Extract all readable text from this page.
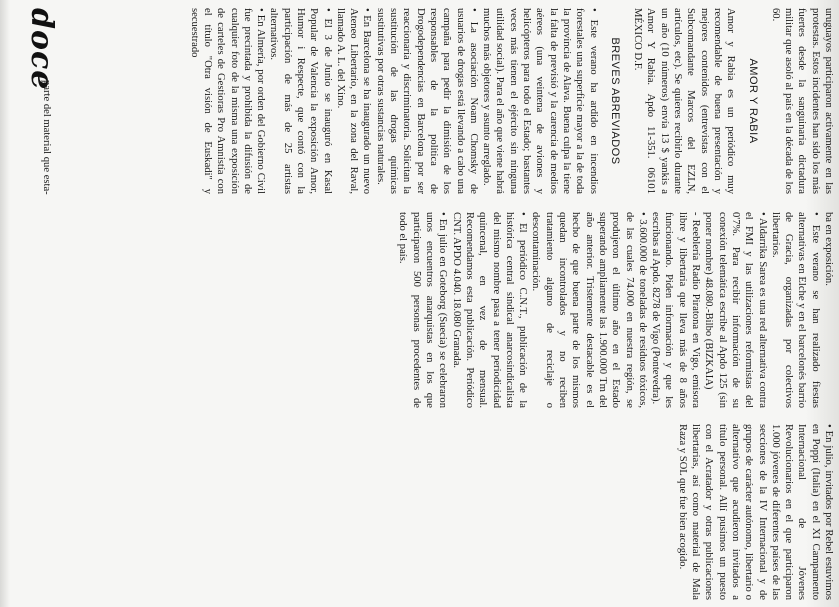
uruguayos participaron activamente en las protestas. Estos incidentes han sido los más fuertes desde la sanguinaria dictadura militar que asoló al país en la década de los 60.

AMOR Y RABIA

Amor y Rabia es un periódico muy recomendable de buena presentación y mejores contenidos (entrevistas con el Subcomandante Marcos del EZLN, artículos, etc). Se quieres recibirlo durante un año (10 números) envía 13 $ yankis a Amor Y Rabia. Apdo 11-351. 06101 MÉXICO D.F.

BREVES ABREVIADOS

• Este verano ha ardido en incendios forestales una superficie mayor a la de toda la provincia de Alava. Buena culpa la tiene la falta de previsió y la carencia de medios aéreos (una veintena de aviones y helicópteros para todo el Estado; bastantes veces más tienen el ejército sin ninguna utilidad social). Para el año que viene habrá muchos más objetores y asunto arreglado.

• La asociación Noam Chomsky de usuarios de drogas está llevando a cabo una campaña para pedir la dimisión de los responsables de la política de Drogodependencias en Barcelona por ser reaccionaria y discriminatoria. Solicitan la sustitución de las drogas químicas sustitutivas por otras sustancias naturales.

• En Barcelona se ha inaugurado un nuevo Ateneo Libertario, en la zona del Raval, llamado A. L. del Xino.

• El 3 de Junio se inauguró en Kasal Popular de Valencia la exposición Amor, Humor i Respecte, que contó con la participación de más de 25 artistas alternativos.

• En Almería, por orden del Gobierno Civil fue precintada y prohibida la difusión de cualquier foto de la misma una exposición de carteles de Gestioras Pro Amnistía con el título "Otra visión de Euskadi" y secuestrado

ba en exposición.

• Este verano se han realizado fiestas alternativas en Elche y en el barcelonés barrio de Gracia, organizadas por colectivos libertarios.

• Aldarrika Sarea es una red alternativa contra el FMI y las utilizaciones reformistas del 0'7%. Para recibir información de su conexión telemática escribe al Apdo 125 (sin poner nombre) 48.080.-Bilbo (BIZKAIA)

- Reeblería Radio Piratona en Vigo, emisora libre y libertaria que lleva más de 8 años funcionando. Piden información y que les escribas al Apdo. 8278 de Vigo (Pontevedra).

• 3.600.000 de toneladas de residuos tóxicos, de las cuales 74.000 en nuestra región, se produjeron el último año en el Estado superando ampliamente las 1.900.000 Tm del año anterior. Tristemente destacable es el hecho de que buena parte de los mismos quedan incontrolados y no reciben tratamiento alguno de reciclaje o descontaminación.

• El periódico C.N.T., publicación de la histórica central sindical anarcosindicalista del mismo nombre pasa a tener periodicidad quincenal, en vez de mensual. Recomendamos esta publicación. Periódico CNT. APDO 4.040. 18.080 Granada.

• En julio en Goteborg (Suecia) se celebraron unos encuentros anarquistas en los que participaron 500 personas procedentes de todo el país.

• En julio, invitados por Rebel estuvimos en Poppi (Italia) en el XI Campamento Internacional de Jóvenes Revolucionarios en el que participaron 1.000 jóvenes de diferentes países de las secciones de la IV Internacional y de grupos de carácter autónomo, libertario o alternativo que acudieron invitados a título personal. Allí pusimos un puesto con el Acratador y otras publicaciones libertarias, así como material de Mala Raza y SOL que fue bien acogido.

doce
parte del material que esta-
